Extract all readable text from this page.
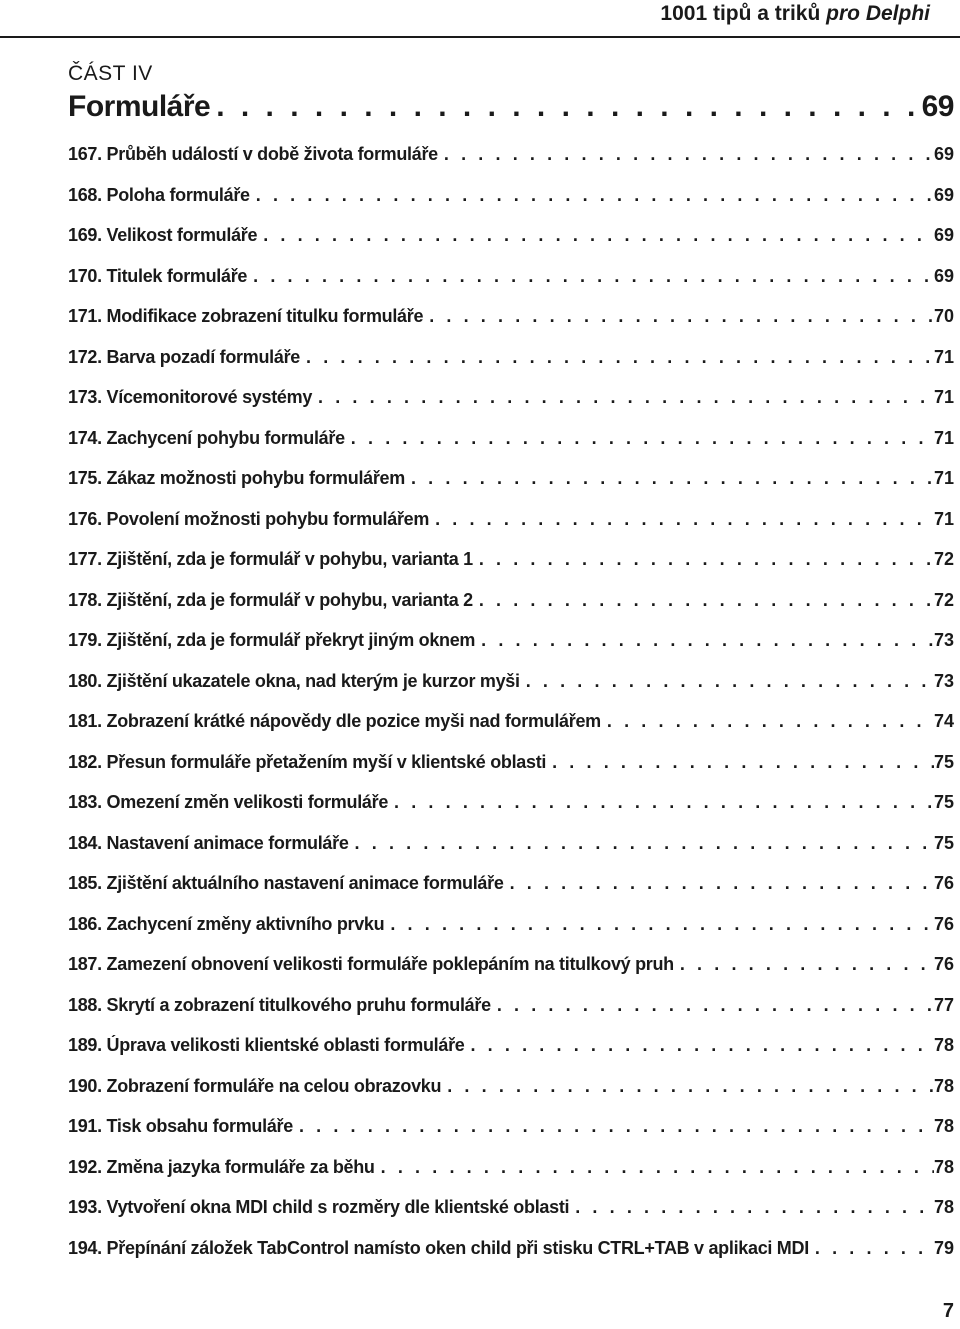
1001 tipů a triků pro Delphi
ČÁST IV
Formuláře . . .	69
167. Průběh událostí v době života formuláře . . .	69
168. Poloha formuláře . . .	69
169. Velikost formuláře . . .	69
170. Titulek formuláře . . .	69
171. Modifikace zobrazení titulku formuláře . . .	70
172. Barva pozadí formuláře . . .	71
173. Vícemonitorové systémy . . .	71
174. Zachycení pohybu formuláře . . .	71
175. Zákaz možnosti pohybu formulářem . . .	71
176. Povolení možnosti pohybu formulářem . . .	71
177. Zjištění, zda je formulář v pohybu, varianta 1 . . .	72
178. Zjištění, zda je formulář v pohybu, varianta 2 . . .	72
179. Zjištění, zda je formulář překryt jiným oknem . . .	73
180. Zjištění ukazatele okna, nad kterým je kurzor myši . . .	73
181. Zobrazení krátké nápovědy dle pozice myši nad formulářem . . .	74
182. Přesun formuláře přetažením myší v klientské oblasti . . .	75
183. Omezení změn velikosti formuláře . . .	75
184. Nastavení animace formuláře . . .	75
185. Zjištění aktuálního nastavení animace formuláře . . .	76
186. Zachycení změny aktivního prvku . . .	76
187. Zamezení obnovení velikosti formuláře poklepáním na titulkový pruh . . .	76
188. Skrytí a zobrazení titulkového pruhu formuláře . . .	77
189. Úprava velikosti klientské oblasti formuláře . . .	78
190. Zobrazení formuláře na celou obrazovku . . .	78
191. Tisk obsahu formuláře . . .	78
192. Změna jazyka formuláře za běhu . . .	78
193. Vytvoření okna MDI child s rozměry dle klientské oblasti . . .	78
194. Přepínání záložek TabControl namísto oken child při stisku CTRL+TAB v aplikaci MDI . . .	79
7
